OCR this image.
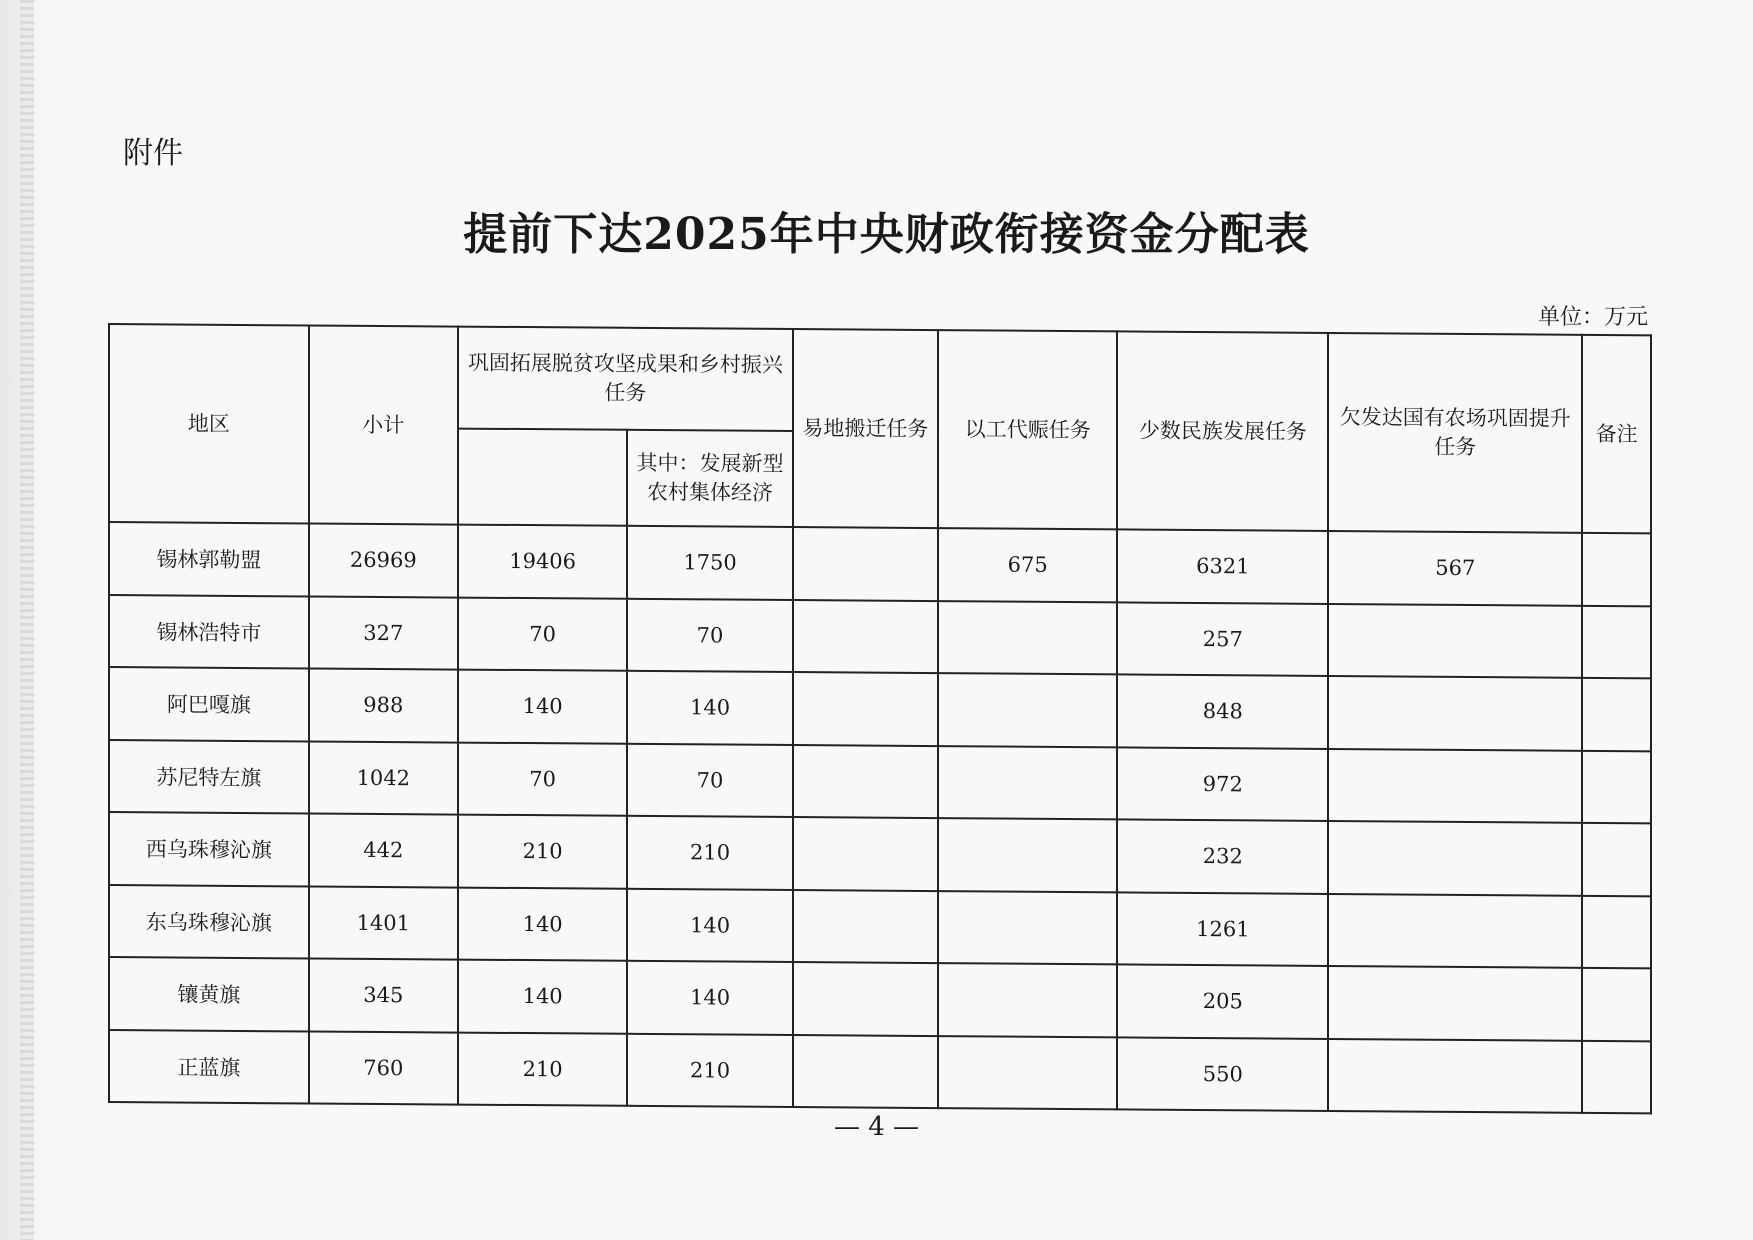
附件
提前下达2025年中央财政衔接资金分配表
单位：万元
地区	小计	巩固拓展脱贫攻坚成果和乡村振兴任务		易地搬迁任务	以工代赈任务	少数民族发展任务	欠发达国有农场巩固提升任务	备注
			其中：发展新型农村集体经济					
锡林郭勒盟	26969	19406	1750		675	6321	567	
锡林浩特市	327	70	70			257		
阿巴嘎旗	988	140	140			848		
苏尼特左旗	1042	70	70			972		
西乌珠穆沁旗	442	210	210			232		
东乌珠穆沁旗	1401	140	140			1261		
镶黄旗	345	140	140			205		
正蓝旗	760	210	210			550		
— 4 —
